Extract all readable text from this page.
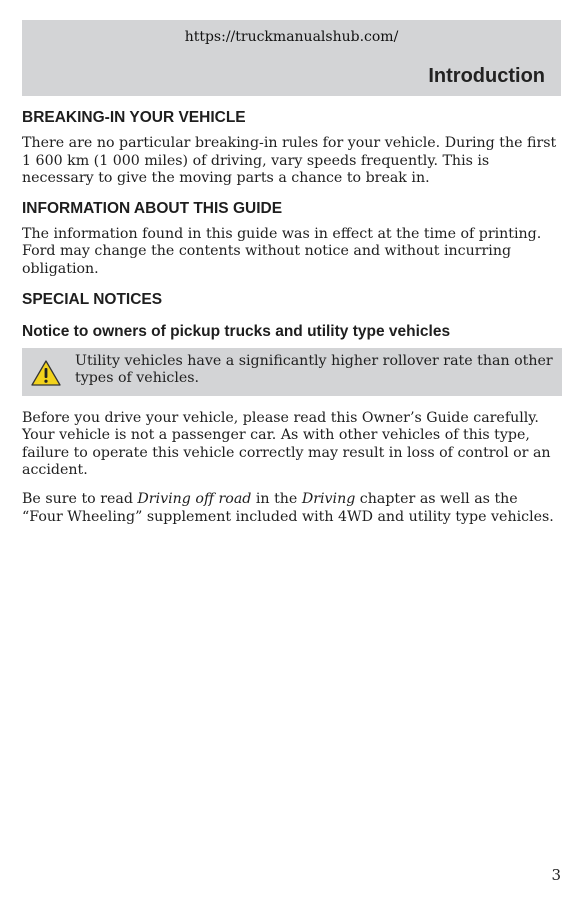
https://truckmanualshub.com/
Introduction
BREAKING-IN YOUR VEHICLE

There are no particular breaking-in rules for your vehicle. During the first 1 600 km (1 000 miles) of driving, vary speeds frequently. This is necessary to give the moving parts a chance to break in.

INFORMATION ABOUT THIS GUIDE

The information found in this guide was in effect at the time of printing. Ford may change the contents without notice and without incurring obligation.

SPECIAL NOTICES
Notice to owners of pickup trucks and utility type vehicles
Utility vehicles have a significantly higher rollover rate than other types of vehicles.

Before you drive your vehicle, please read this Owner’s Guide carefully. Your vehicle is not a passenger car. As with other vehicles of this type, failure to operate this vehicle correctly may result in loss of control or an accident.

Be sure to read Driving off road in the Driving chapter as well as the “Four Wheeling” supplement included with 4WD and utility type vehicles.

3
